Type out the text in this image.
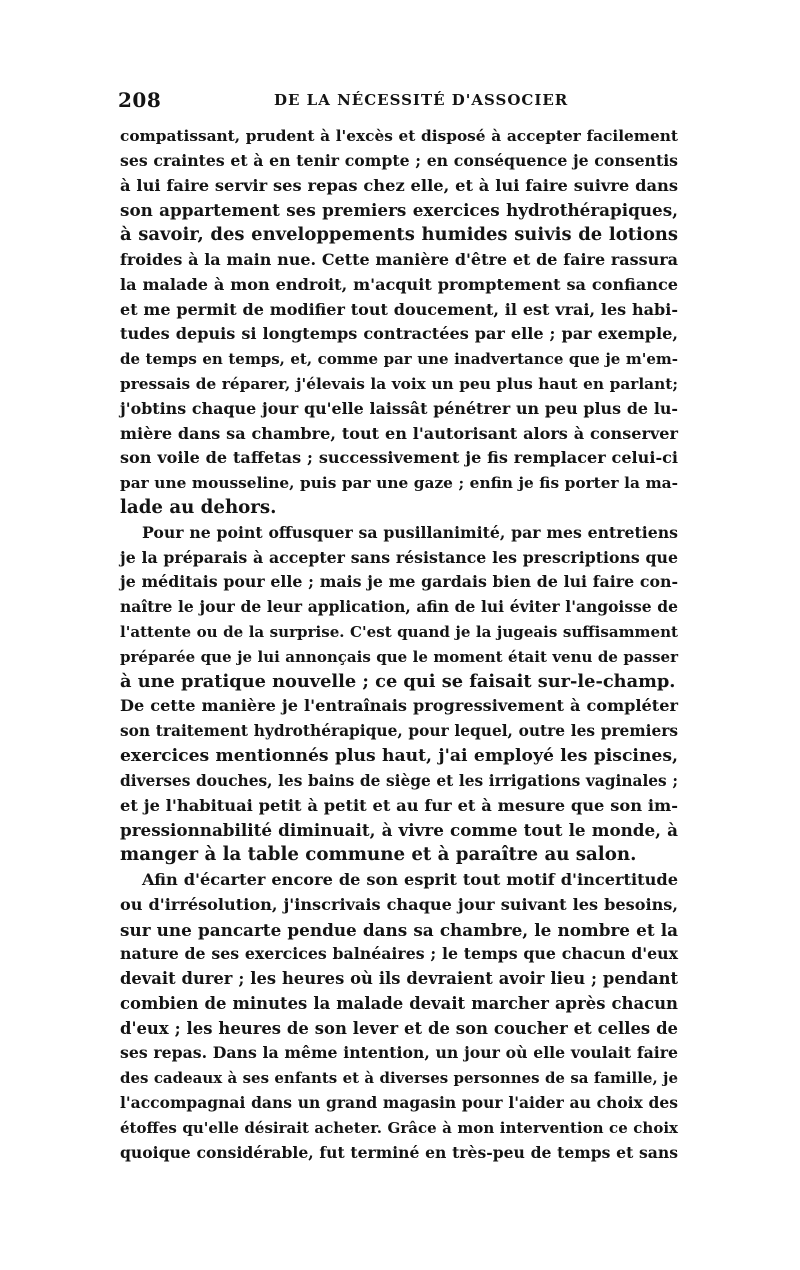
208	DE LA NÉCESSITÉ D'ASSOCIER
compatissant, prudent à l'excès et disposé à accepter facilement
ses craintes et à en tenir compte ; en conséquence je consentis
à lui faire servir ses repas chez elle, et à lui faire suivre dans
son appartement ses premiers exercices hydrothérapiques,
à savoir, des enveloppements humides suivis de lotions
froides à la main nue. Cette manière d'être et de faire rassura
la malade à mon endroit, m'acquit promptement sa confiance
et me permit de modifier tout doucement, il est vrai, les habi-
tudes depuis si longtemps contractées par elle ; par exemple,
de temps en temps, et, comme par une inadvertance que je m'em-
pressais de réparer, j'élevais la voix un peu plus haut en parlant;
j'obtins chaque jour qu'elle laissât pénétrer un peu plus de lu-
mière dans sa chambre, tout en l'autorisant alors à conserver
son voile de taffetas ; successivement je fis remplacer celui-ci
par une mousseline, puis par une gaze ; enfin je fis porter la ma-
lade au dehors.
Pour ne point offusquer sa pusillanimité, par mes entretiens
je la préparais à accepter sans résistance les prescriptions que
je méditais pour elle ; mais je me gardais bien de lui faire con-
naître le jour de leur application, afin de lui éviter l'angoisse de
l'attente ou de la surprise. C'est quand je la jugeais suffisamment
préparée que je lui annonçais que le moment était venu de passer
à une pratique nouvelle ; ce qui se faisait sur-le-champ.
De cette manière je l'entraînais progressivement à compléter
son traitement hydrothérapique, pour lequel, outre les premiers
exercices mentionnés plus haut, j'ai employé les piscines,
diverses douches, les bains de siège et les irrigations vaginales ;
et je l'habituai petit à petit et au fur et à mesure que son im-
pressionnabilité diminuait, à vivre comme tout le monde, à
manger à la table commune et à paraître au salon.
Afin d'écarter encore de son esprit tout motif d'incertitude
ou d'irrésolution, j'inscrivais chaque jour suivant les besoins,
sur une pancarte pendue dans sa chambre, le nombre et la
nature de ses exercices balnéaires ; le temps que chacun d'eux
devait durer ; les heures où ils devraient avoir lieu ; pendant
combien de minutes la malade devait marcher après chacun
d'eux ; les heures de son lever et de son coucher et celles de
ses repas. Dans la même intention, un jour où elle voulait faire
des cadeaux à ses enfants et à diverses personnes de sa famille, je
l'accompagnai dans un grand magasin pour l'aider au choix des
étoffes qu'elle désirait acheter. Grâce à mon intervention ce choix
quoique considérable, fut terminé en très-peu de temps et sans
